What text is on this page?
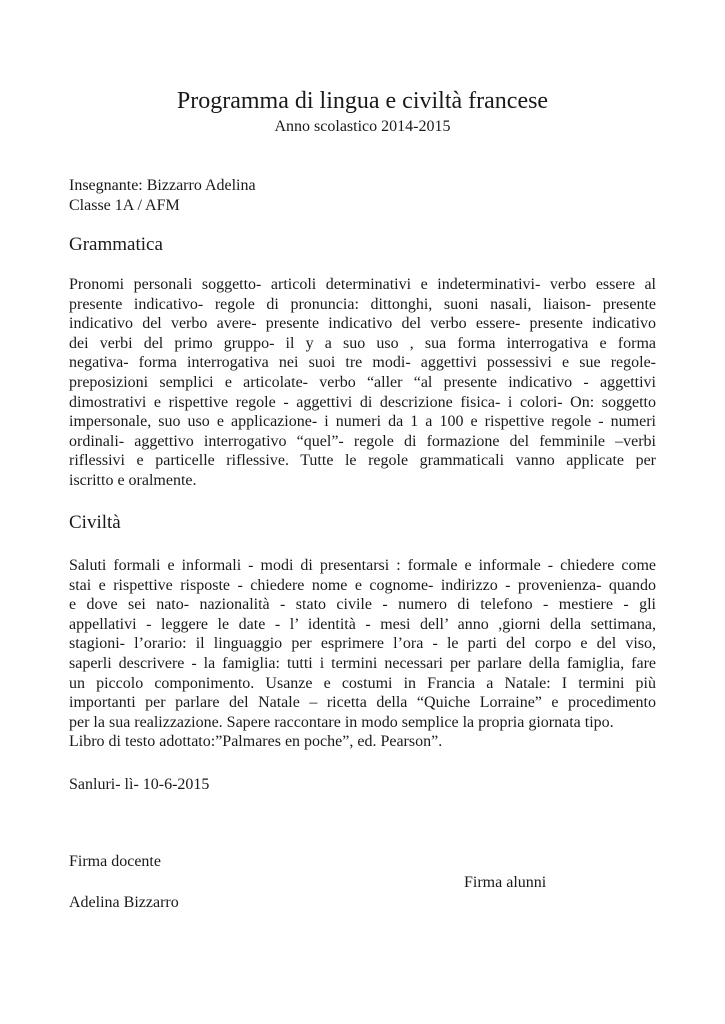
Programma di lingua e civiltà francese
Anno scolastico 2014-2015
Insegnante: Bizzarro Adelina
Classe 1A / AFM
Grammatica
Pronomi personali soggetto- articoli determinativi e indeterminativi- verbo essere al
presente indicativo- regole di pronuncia: dittonghi, suoni nasali, liaison- presente
indicativo del verbo avere- presente indicativo del verbo essere- presente indicativo
dei verbi del primo gruppo- il y a suo uso , sua forma interrogativa e forma
negativa- forma interrogativa nei suoi tre modi- aggettivi possessivi e sue regole-
preposizioni semplici e articolate- verbo “aller “al presente indicativo - aggettivi
dimostrativi e rispettive regole - aggettivi di descrizione fisica- i colori- On: soggetto
impersonale, suo uso e applicazione- i numeri da 1 a 100 e rispettive regole - numeri
ordinali- aggettivo interrogativo “quel”- regole di formazione del femminile –verbi
riflessivi e particelle riflessive. Tutte le regole grammaticali vanno applicate per
iscritto e oralmente.
Civiltà
Saluti formali e informali - modi di presentarsi : formale e informale - chiedere come
stai e rispettive risposte - chiedere nome e cognome- indirizzo - provenienza- quando
e dove sei nato- nazionalità - stato civile - numero di telefono - mestiere - gli
appellativi - leggere le date - l’ identità - mesi dell’ anno ,giorni della settimana,
stagioni- l’orario: il linguaggio per esprimere l’ora - le parti del corpo e del viso,
saperli descrivere - la famiglia: tutti i termini necessari per parlare della famiglia, fare
un piccolo componimento. Usanze e costumi in Francia a Natale: I termini più
importanti per parlare del Natale – ricetta della “Quiche Lorraine” e procedimento
per la sua realizzazione. Sapere raccontare in modo semplice la propria giornata tipo.
Libro di testo adottato:”Palmares en poche”, ed. Pearson”.
Sanluri- lì- 10-6-2015
Firma docente
Firma alunni
Adelina Bizzarro
